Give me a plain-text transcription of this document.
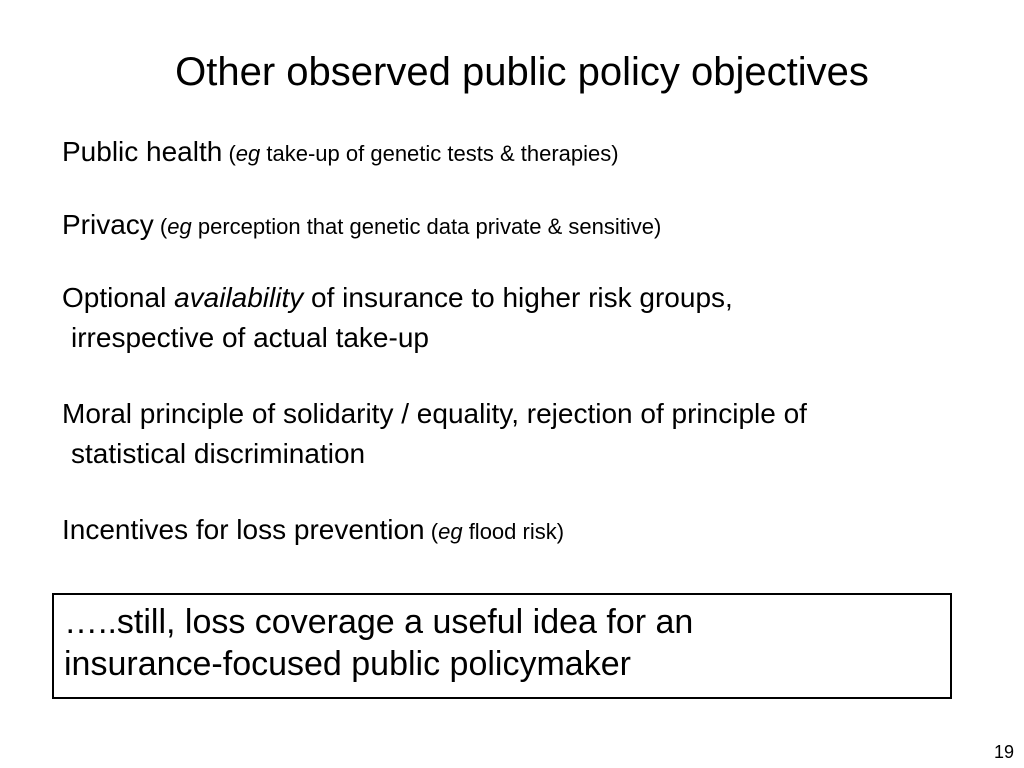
Other observed public policy objectives

Public health (eg take-up of genetic tests & therapies)

Privacy (eg perception that genetic data private & sensitive)

Optional availability of insurance to higher risk groups,
irrespective of actual take-up

Moral principle of solidarity / equality, rejection of principle of
statistical discrimination

Incentives for loss prevention (eg flood risk)

…..still, loss coverage a useful idea for an
insurance-focused public policymaker
19
